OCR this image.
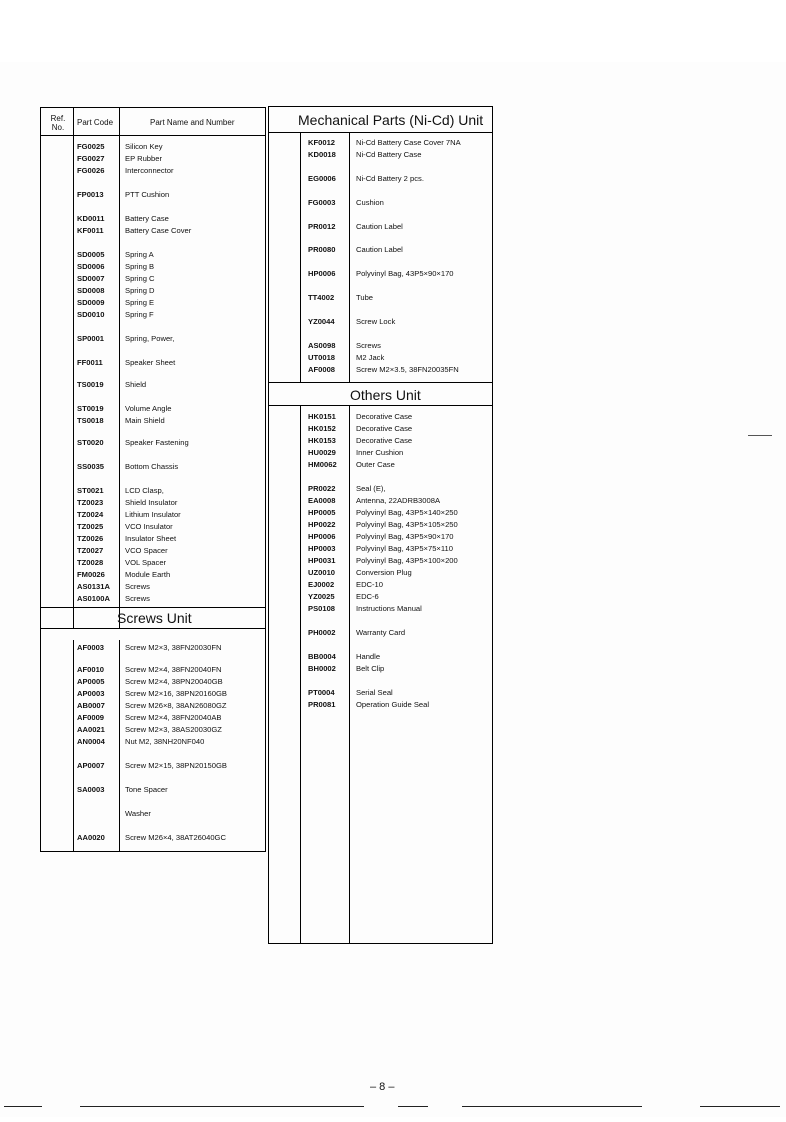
Ref. No.
Part Code	Part Name and Number
Screws Unit
Mechanical Parts (Ni-Cd) Unit
Others Unit
FG0025	Silicon Key
FG0027	EP Rubber
FG0026	Interconnector
FP0013	PTT Cushion
KD0011	Battery Case
KF0011	Battery Case Cover
SD0005	Spring A
SD0006	Spring B
SD0007	Spring C
SD0008	Spring D
SD0009	Spring E
SD0010	Spring F
SP0001	Spring, Power,
FF0011	Speaker Sheet
TS0019	Shield
ST0019	Volume Angle
TS0018	Main Shield
ST0020	Speaker Fastening
SS0035	Bottom Chassis
ST0021	LCD Clasp,
TZ0023	Shield Insulator
TZ0024	Lithium Insulator
TZ0025	VCO Insulator
TZ0026	Insulator Sheet
TZ0027	VCO Spacer
TZ0028	VOL Spacer
FM0026	Module Earth
AS0131A Screws
AS0100A Screws
AF0003	Screw M2×3, 38FN20030FN
AF0010	Screw M2×4, 38FN20040FN
AP0005	Screw M2×4, 38PN20040GB
AP0003	Screw M2×16, 38PN20160GB
AB0007	Screw M26×8, 38AN26080GZ
AF0009	Screw M2×4, 38FN20040AB
AA0021	Screw M2×3, 38AS20030GZ
AN0004	Nut M2, 38NH20NF040
AP0007	Screw M2×15, 38PN20150GB
SA0003	Tone Spacer
Washer
AA0020	Screw M26×4, 38AT26040GC
KF0012	Ni-Cd Battery Case Cover 7NA
KD0018	Ni-Cd Battery Case
EG0006	Ni-Cd Battery 2 pcs.
FG0003	Cushion
PR0012	Caution Label
PR0080	Caution Label
HP0006	Polyvinyl Bag, 43P5×90×170
TT4002	Tube
YZ0044	Screw Lock
AS0098	Screws
UT0018	M2 Jack
AF0008	Screw M2×3.5, 38FN20035FN
HK0151	Decorative Case
HK0152	Decorative Case
HK0153	Decorative Case
HU0029	Inner Cushion
HM0062	Outer Case
PR0022	Seal (E),
EA0008	Antenna, 22ADRB3008A
HP0005	Polyvinyl Bag, 43P5×140×250
HP0022	Polyvinyl Bag, 43P5×105×250
HP0006	Polyvinyl Bag, 43P5×90×170
HP0003	Polyvinyl Bag, 43P5×75×110
HP0031	Polyvinyl Bag, 43P5×100×200
UZ0010	Conversion Plug
EJ0002	EDC-10
YZ0025	EDC-6
PS0108	Instructions Manual
PH0002	Warranty Card
BB0004	Handle
BH0002	Belt Clip
PT0004	Serial Seal
PR0081	Operation Guide Seal
– 8 –
